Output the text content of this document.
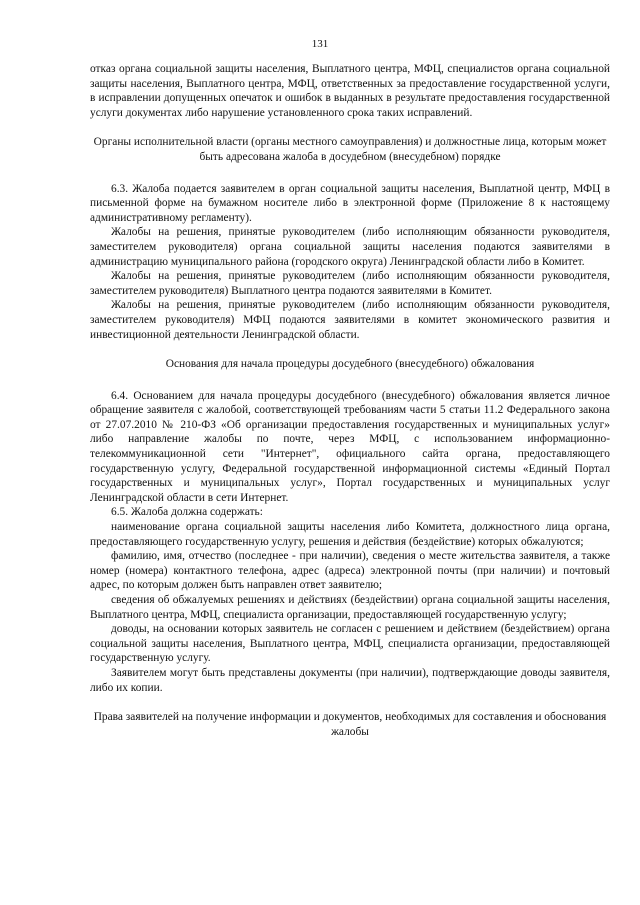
131

отказ органа социальной защиты населения, Выплатного центра, МФЦ, специалистов органа социальной защиты населения, Выплатного центра, МФЦ, ответственных за предоставление государственной услуги, в исправлении допущенных опечаток и ошибок в выданных в результате предоставления государственной услуги документах либо нарушение установленного срока таких исправлений.

Органы исполнительной власти (органы местного самоуправления) и должностные лица, которым может быть адресована жалоба в досудебном (внесудебном) порядке

6.3. Жалоба подается заявителем в орган социальной защиты населения, Выплатной центр, МФЦ в письменной форме на бумажном носителе либо в электронной форме (Приложение 8 к настоящему административному регламенту).

Жалобы на решения, принятые руководителем (либо исполняющим обязанности руководителя, заместителем руководителя) органа социальной защиты населения подаются заявителями в администрацию муниципального района (городского округа) Ленинградской области либо в Комитет.

Жалобы на решения, принятые руководителем (либо исполняющим обязанности руководителя, заместителем руководителя) Выплатного центра подаются заявителями в Комитет.

Жалобы на решения, принятые руководителем (либо исполняющим обязанности руководителя, заместителем руководителя) МФЦ подаются заявителями в комитет экономического развития и инвестиционной деятельности Ленинградской области.

Основания для начала процедуры досудебного (внесудебного) обжалования

6.4. Основанием для начала процедуры досудебного (внесудебного) обжалования является личное обращение заявителя с жалобой, соответствующей требованиям части 5 статьи 11.2 Федерального закона от 27.07.2010 № 210-ФЗ «Об организации предоставления государственных и муниципальных услуг» либо направление жалобы по почте, через МФЦ, с использованием информационно-телекоммуникационной сети "Интернет", официального сайта органа, предоставляющего государственную услугу, Федеральной государственной информационной системы «Единый Портал государственных и муниципальных услуг», Портал государственных и муниципальных услуг Ленинградской области в сети Интернет.

6.5. Жалоба должна содержать:

наименование органа социальной защиты населения либо Комитета, должностного лица органа, предоставляющего государственную услугу, решения и действия (бездействие) которых обжалуются;

фамилию, имя, отчество (последнее - при наличии), сведения о месте жительства заявителя, а также номер (номера) контактного телефона, адрес (адреса) электронной почты (при наличии) и почтовый адрес, по которым должен быть направлен ответ заявителю;

сведения об обжалуемых решениях и действиях (бездействии) органа социальной защиты населения, Выплатного центра, МФЦ, специалиста организации, предоставляющей государственную услугу;

доводы, на основании которых заявитель не согласен с решением и действием (бездействием) органа социальной защиты населения, Выплатного центра, МФЦ, специалиста организации, предоставляющей государственную услугу.

Заявителем могут быть представлены документы (при наличии), подтверждающие доводы заявителя, либо их копии.

Права заявителей на получение информации и документов, необходимых для составления и обоснования жалобы
